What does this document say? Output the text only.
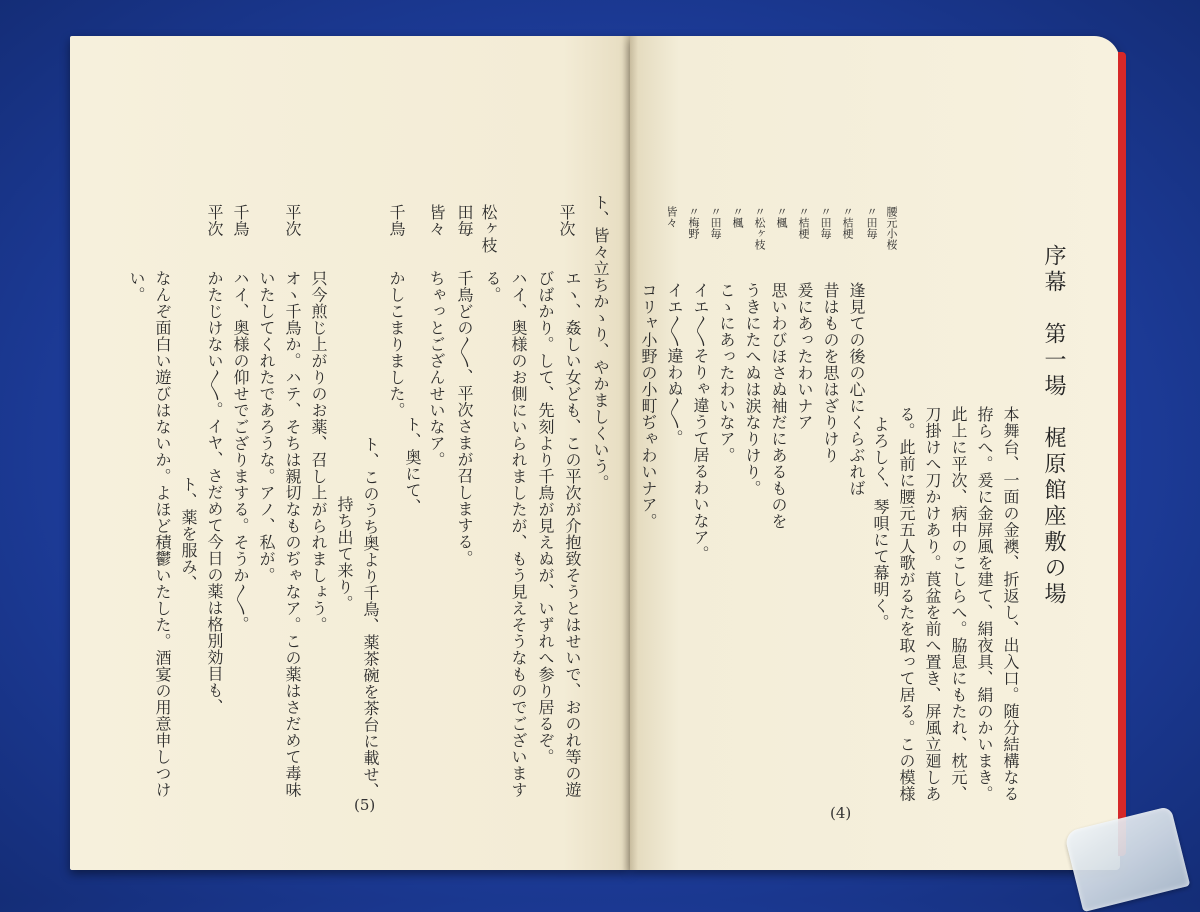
ト、皆々立ちかゝり、やかましくいう。
平次
エヽ、姦しい女ども、この平次が介抱致そうとはせいで、おのれ等の遊
びばかり。して、先刻より千鳥が見えぬが、いずれへ参り居るぞ。
松ヶ枝
ハイ、奥様のお側にいられましたが、もう見えそうなものでございます
る。
田毎
千鳥どの〳〵、平次さまが召しまする。
皆々
ちゃっとござんせいなア。
ト、奥にて、
千鳥
かしこまりました。
ト、このうち奥より千鳥、薬茶碗を茶台に載せ、
持ち出て来り。
只今煎じ上がりのお薬、召し上がられましょう。
平次
オヽ千鳥か。ハテ、そちは親切なものぢゃなア。この薬はさだめて毒味
いたしてくれたであろうな。アノ、私が。
千鳥
ハイ、奥様の仰せでござりまする。そうか〳〵。
平次
かたじけない〳〵。イヤ、さだめて今日の薬は格別効目も、
ト、薬を服み、
なんぞ面白い遊びはないか。よほど積鬱いたした。酒宴の用意申しつけ
い。
(5)
序幕　第一場　梶原館座敷の場
本舞台、一面の金襖、折返し、出入口。随分結構なる
拵らへ。爰に金屏風を建て、絹夜具、絹のかいまき。
此上に平次、病中のこしらへ。脇息にもたれ、枕元、
刀掛けへ刀かけあり。莨盆を前へ置き、屏風立廻しあ
る。此前に腰元五人歌がるたを取って居る。この模様
よろしく、琴唄にて幕明く。
腰元小桜
逢見ての後の心にくらぶれば
〃田毎
昔はものを思はざりけり
〃桔梗
爰にあったわいナア
〃田毎
思いわびほさぬ袖だにあるものを
〃桔梗
うきにたへぬは涙なりけり。
〃楓
こゝにあったわいなア。
〃松ヶ枝
イエ〳〵そりゃ違うて居るわいなア。
〃楓
イエ〳〵違わぬ〳〵。
〃田毎
〃梅野
皆々
コリャ小野の小町ぢゃわいナア。
(4)
